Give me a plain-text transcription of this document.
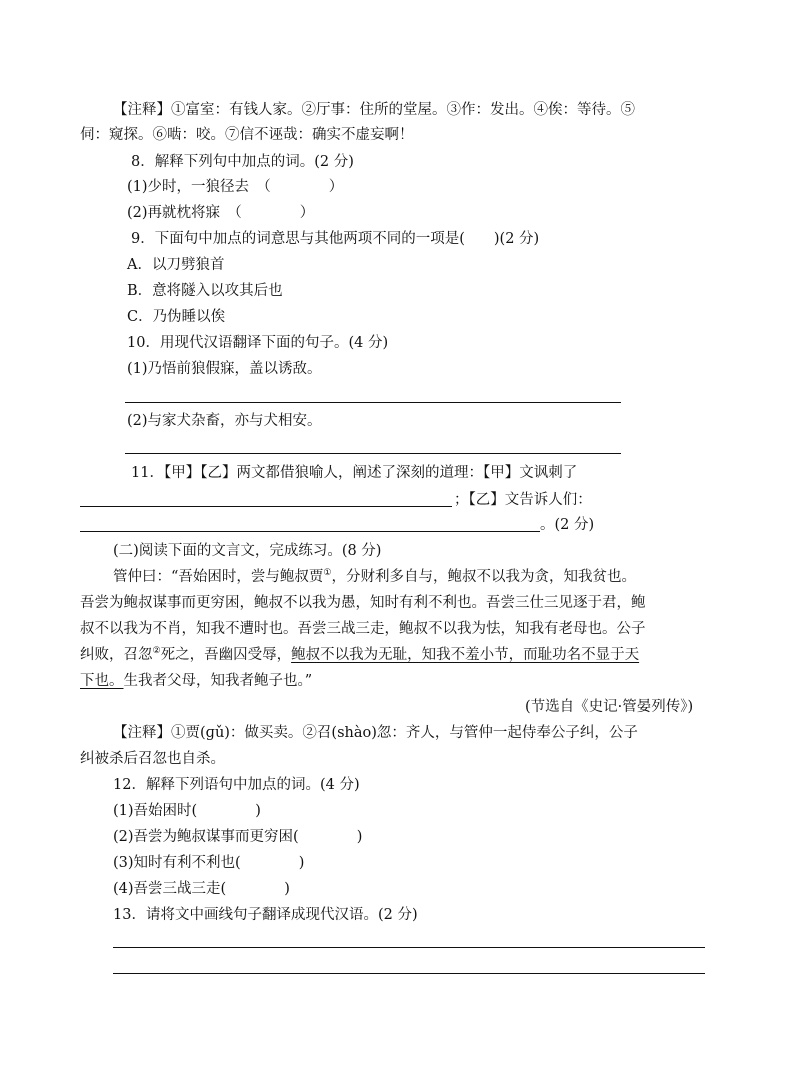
【注释】①富室：有钱人家。②厅事：住所的堂屋。③作：发出。④俟：等待。⑤
伺：窥探。⑥啮：咬。⑦信不诬哉：确实不虚妄啊！
8．解释下列句中加点的词。(2 分)
(1)少时，一狼径去　（　　　　）
(2)再就枕将寐　（　　　　）
9．下面句中加点的词意思与其他两项不同的一项是(　　)(2 分)
A．以刀劈狼首
B．意将隧入以攻其后也
C．乃伪睡以俟
10．用现代汉语翻译下面的句子。(4 分)
(1)乃悟前狼假寐，盖以诱敌。
(2)与家犬杂畜，亦与犬相安。
11．【甲】【乙】两文都借狼喻人，阐述了深刻的道理：【甲】文讽刺了
；【乙】文告诉人们：
。(2 分)
(二)阅读下面的文言文，完成练习。(8 分)
管仲曰：“吾始困时，尝与鲍叔贾①，分财利多自与，鲍叔不以我为贪，知我贫也。
吾尝为鲍叔谋事而更穷困，鲍叔不以我为愚，知时有利不利也。吾尝三仕三见逐于君，鲍
叔不以我为不肖，知我不遭时也。吾尝三战三走，鲍叔不以我为怯，知我有老母也。公子
纠败，召忽②死之，吾幽囚受辱，鲍叔不以我为无耻，知我不羞小节，而耻功名不显于天
下也。生我者父母，知我者鲍子也。”
(节选自《史记·管晏列传》)
【注释】①贾(ɡǔ)：做买卖。②召(shào)忽：齐人，与管仲一起侍奉公子纠，公子
纠被杀后召忽也自杀。
12．解释下列语句中加点的词。(4 分)
(1)吾始困时(　　　　)
(2)吾尝为鲍叔谋事而更穷困(　　　　)
(3)知时有利不利也(　　　　)
(4)吾尝三战三走(　　　　)
13．请将文中画线句子翻译成现代汉语。(2 分)
